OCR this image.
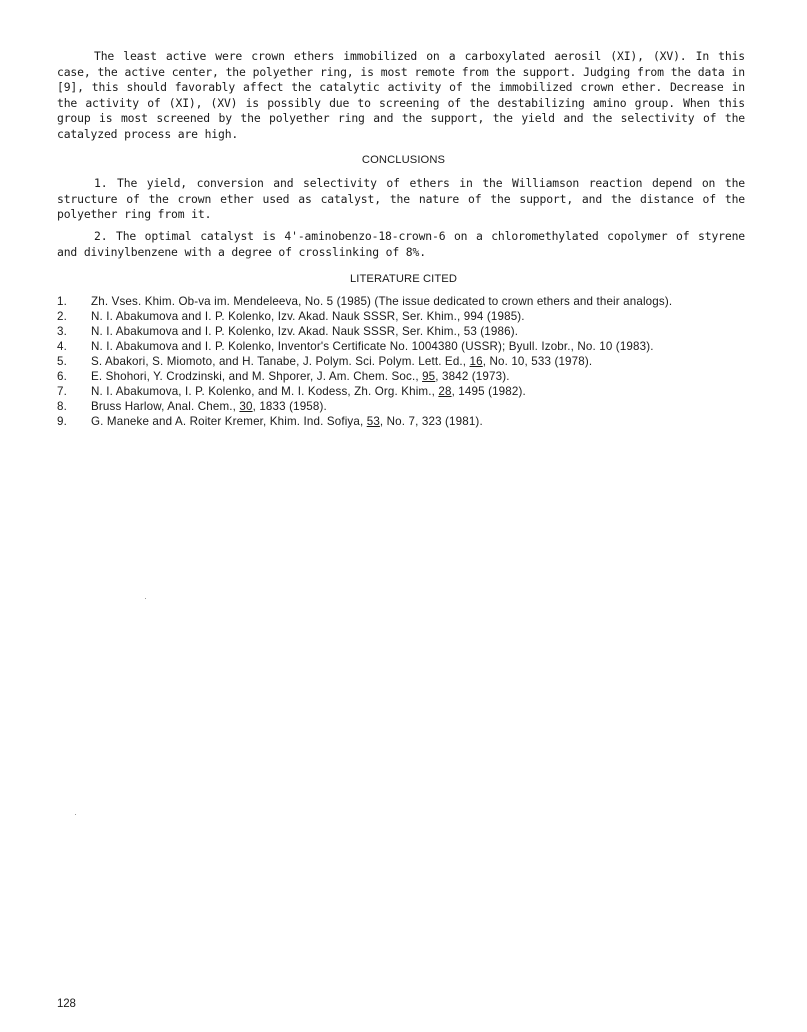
The least active were crown ethers immobilized on a carboxylated aerosil (XI), (XV). In this case, the active center, the polyether ring, is most remote from the support. Judging from the data in [9], this should favorably affect the catalytic activity of the immobilized crown ether. Decrease in the activity of (XI), (XV) is possibly due to screening of the destabilizing amino group. When this group is most screened by the polyether ring and the support, the yield and the selectivity of the catalyzed process are high.

CONCLUSIONS

1. The yield, conversion and selectivity of ethers in the Williamson reaction depend on the structure of the crown ether used as catalyst, the nature of the support, and the distance of the polyether ring from it.

2. The optimal catalyst is 4'-aminobenzo-18-crown-6 on a chloromethylated copolymer of styrene and divinylbenzene with a degree of crosslinking of 8%.

LITERATURE CITED
1. Zh. Vses. Khim. Ob-va im. Mendeleeva, No. 5 (1985) (The issue dedicated to crown ethers and their analogs).
2. N. I. Abakumova and I. P. Kolenko, Izv. Akad. Nauk SSSR, Ser. Khim., 994 (1985).
3. N. I. Abakumova and I. P. Kolenko, Izv. Akad. Nauk SSSR, Ser. Khim., 53 (1986).
4. N. I. Abakumova and I. P. Kolenko, Inventor's Certificate No. 1004380 (USSR); Byull. Izobr., No. 10 (1983).
5. S. Abakori, S. Miomoto, and H. Tanabe, J. Polym. Sci. Polym. Lett. Ed., 16, No. 10, 533 (1978).
6. E. Shohori, Y. Crodzinski, and M. Shporer, J. Am. Chem. Soc., 95, 3842 (1973).
7. N. I. Abakumova, I. P. Kolenko, and M. I. Kodess, Zh. Org. Khim., 28, 1495 (1982).
8. Bruss Harlow, Anal. Chem., 30, 1833 (1958).
9. G. Maneke and A. Roiter Kremer, Khim. Ind. Sofiya, 53, No. 7, 323 (1981).
128
